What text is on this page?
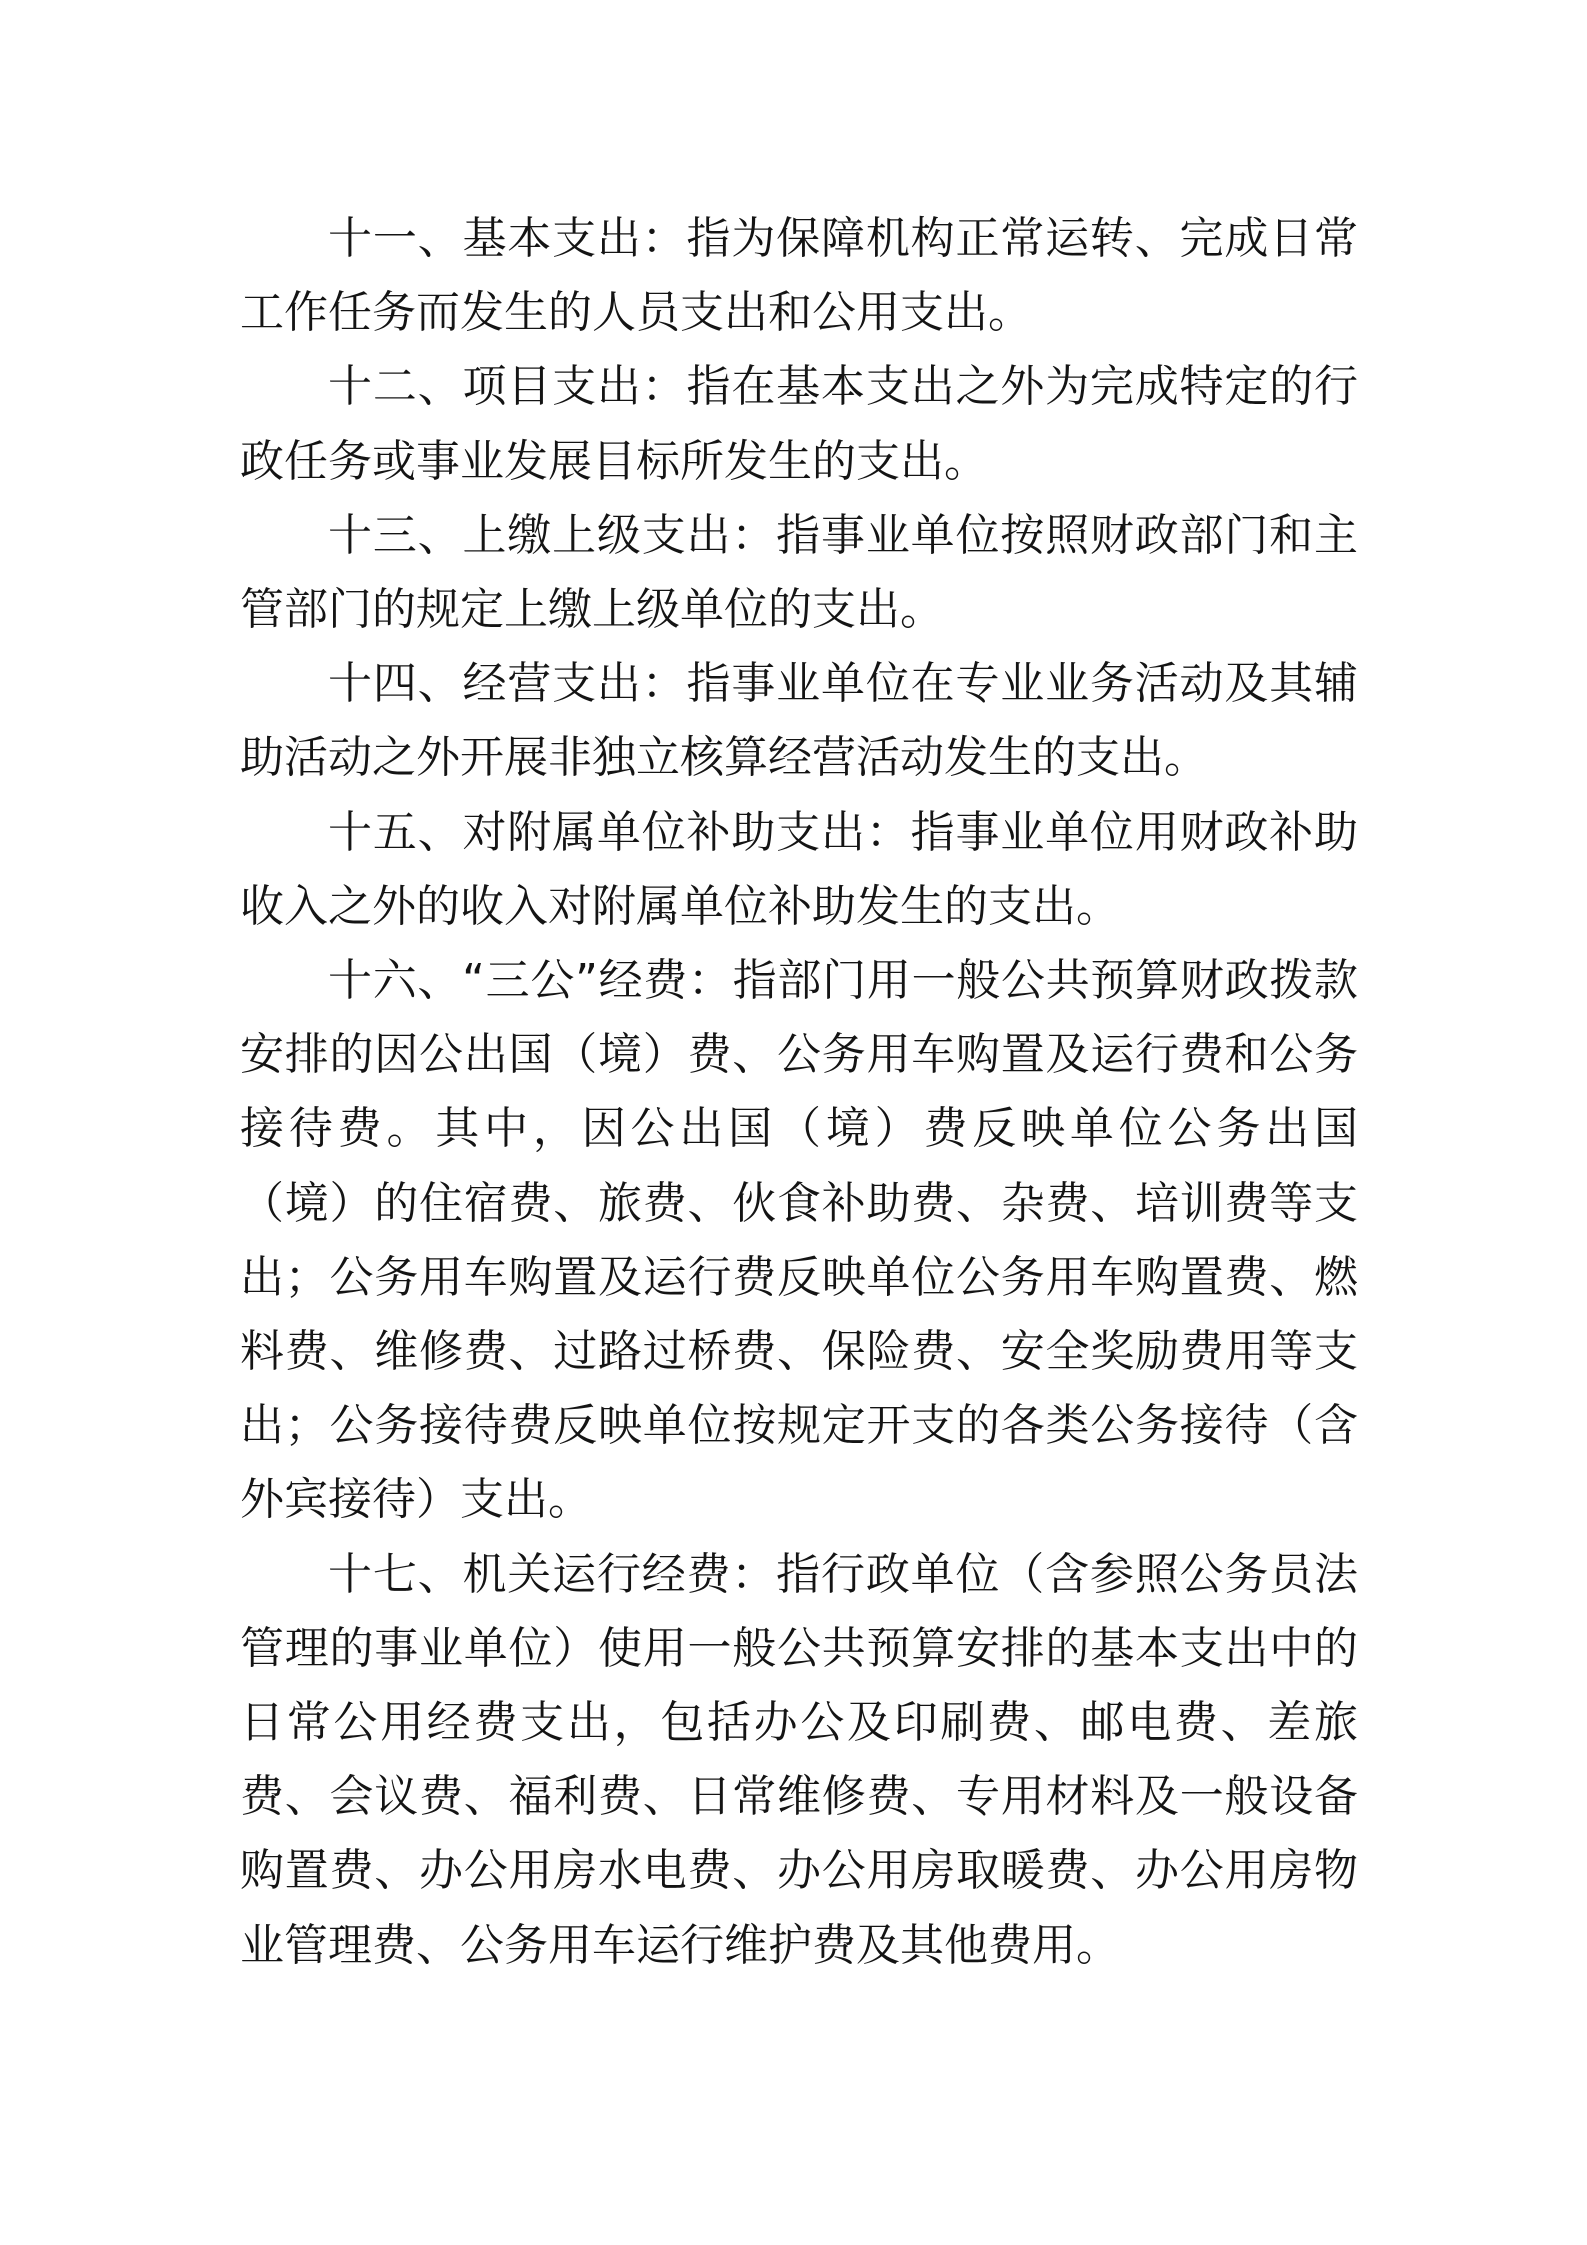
十一、基本支出：指为保障机构正常运转、完成日常工作任务而发生的人员支出和公用支出。

十二、项目支出：指在基本支出之外为完成特定的行政任务或事业发展目标所发生的支出。

十三、上缴上级支出：指事业单位按照财政部门和主管部门的规定上缴上级单位的支出。

十四、经营支出：指事业单位在专业业务活动及其辅助活动之外开展非独立核算经营活动发生的支出。

十五、对附属单位补助支出：指事业单位用财政补助收入之外的收入对附属单位补助发生的支出。

十六、“三公”经费：指部门用一般公共预算财政拨款安排的因公出国（境）费、公务用车购置及运行费和公务接待费。其中，因公出国（境）费反映单位公务出国（境）的住宿费、旅费、伙食补助费、杂费、培训费等支出；公务用车购置及运行费反映单位公务用车购置费、燃料费、维修费、过路过桥费、保险费、安全奖励费用等支出；公务接待费反映单位按规定开支的各类公务接待（含外宾接待）支出。

十七、机关运行经费：指行政单位（含参照公务员法管理的事业单位）使用一般公共预算安排的基本支出中的日常公用经费支出，包括办公及印刷费、邮电费、差旅费、会议费、福利费、日常维修费、专用材料及一般设备购置费、办公用房水电费、办公用房取暖费、办公用房物业管理费、公务用车运行维护费及其他费用。
